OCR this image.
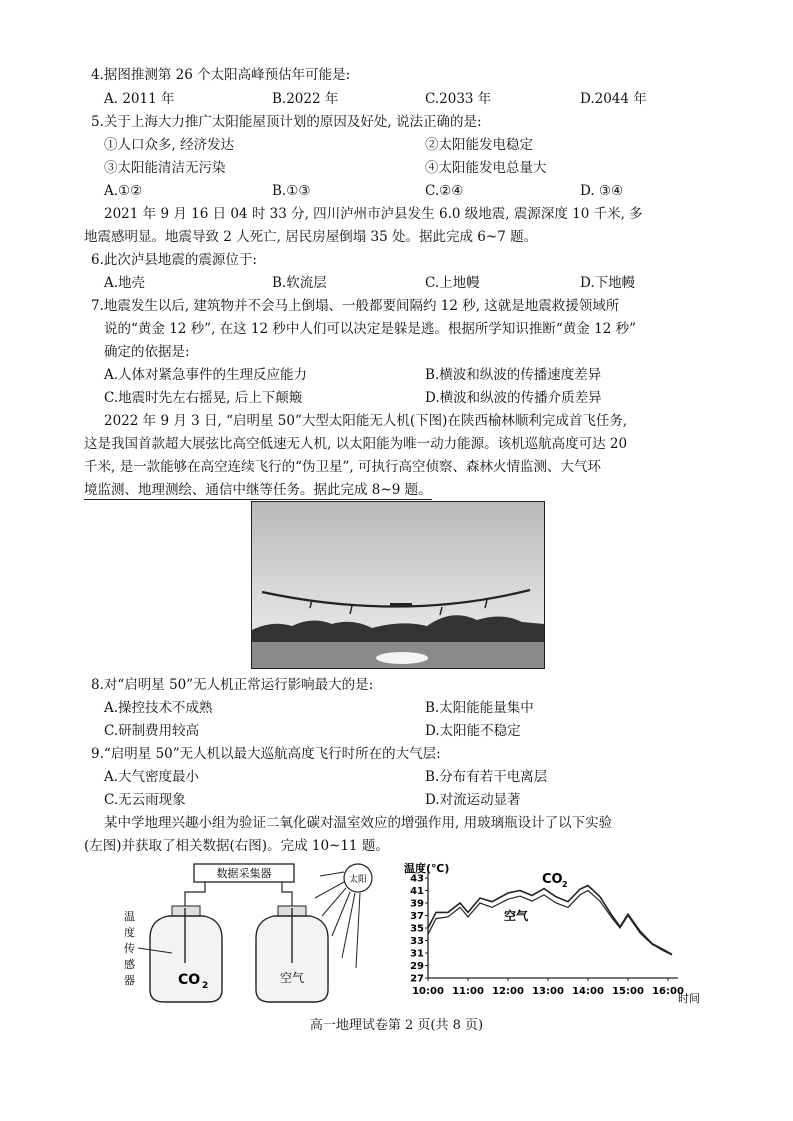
4.据图推测第 26 个太阳高峰预估年可能是:
A. 2011 年	B.2022 年	C.2033 年	D.2044 年
5.关于上海大力推广太阳能屋顶计划的原因及好处, 说法正确的是:
①人口众多, 经济发达	②太阳能发电稳定
③太阳能清洁无污染	④太阳能发电总量大
A.①②	B.①③	C.②④	D. ③④
2021 年 9 月 16 日 04 时 33 分, 四川泸州市泸县发生 6.0 级地震, 震源深度 10 千米, 多
地震感明显。地震导致 2 人死亡, 居民房屋倒塌 35 处。据此完成 6~7 题。
6.此次泸县地震的震源位于:
A.地壳	B.软流层	C.上地幔	D.下地幔
7.地震发生以后, 建筑物并不会马上倒塌、一般都要间隔约 12 秒, 这就是地震救援领域所
说的“黄金 12 秒”, 在这 12 秒中人们可以决定是躲是逃。根据所学知识推断“黄金 12 秒”
确定的依据是:
A.人体对紧急事件的生理反应能力	B.横波和纵波的传播速度差异
C.地震时先左右摇晃, 后上下颠簸	D.横波和纵波的传播介质差异
2022 年 9 月 3 日, “启明星 50”大型太阳能无人机(下图)在陕西榆林顺利完成首飞任务,
这是我国首款超大展弦比高空低速无人机, 以太阳能为唯一动力能源。该机巡航高度可达 20
千米, 是一款能够在高空连续飞行的“伪卫星”, 可执行高空侦察、森林火情监测、大气环
境监测、地理测绘、通信中继等任务。据此完成 8~9 题。
8.对“启明星 50”无人机正常运行影响最大的是:
A.操控技术不成熟	B.太阳能能量集中
C.研制费用较高	D.太阳能不稳定
9.“启明星 50”无人机以最大巡航高度飞行时所在的大气层:
A.大气密度最小	B.分布有若干电离层
C.无云雨现象	D.对流运动显著
某中学地理兴趣小组为验证二氧化碳对温室效应的增强作用, 用玻璃瓶设计了以下实验
(左图)并获取了相关数据(右图)。完成 10~11 题。
数据采集器	太阳
CO 2
空气
温
度
传
感
器
温度(℃)
43
41
39
37
35
33
31
29
27
10:00 11:00 12:00 13:00 14:00 15:00 16:00
CO 2
空气
时间
高一地理试卷第 2 页(共 8 页)
